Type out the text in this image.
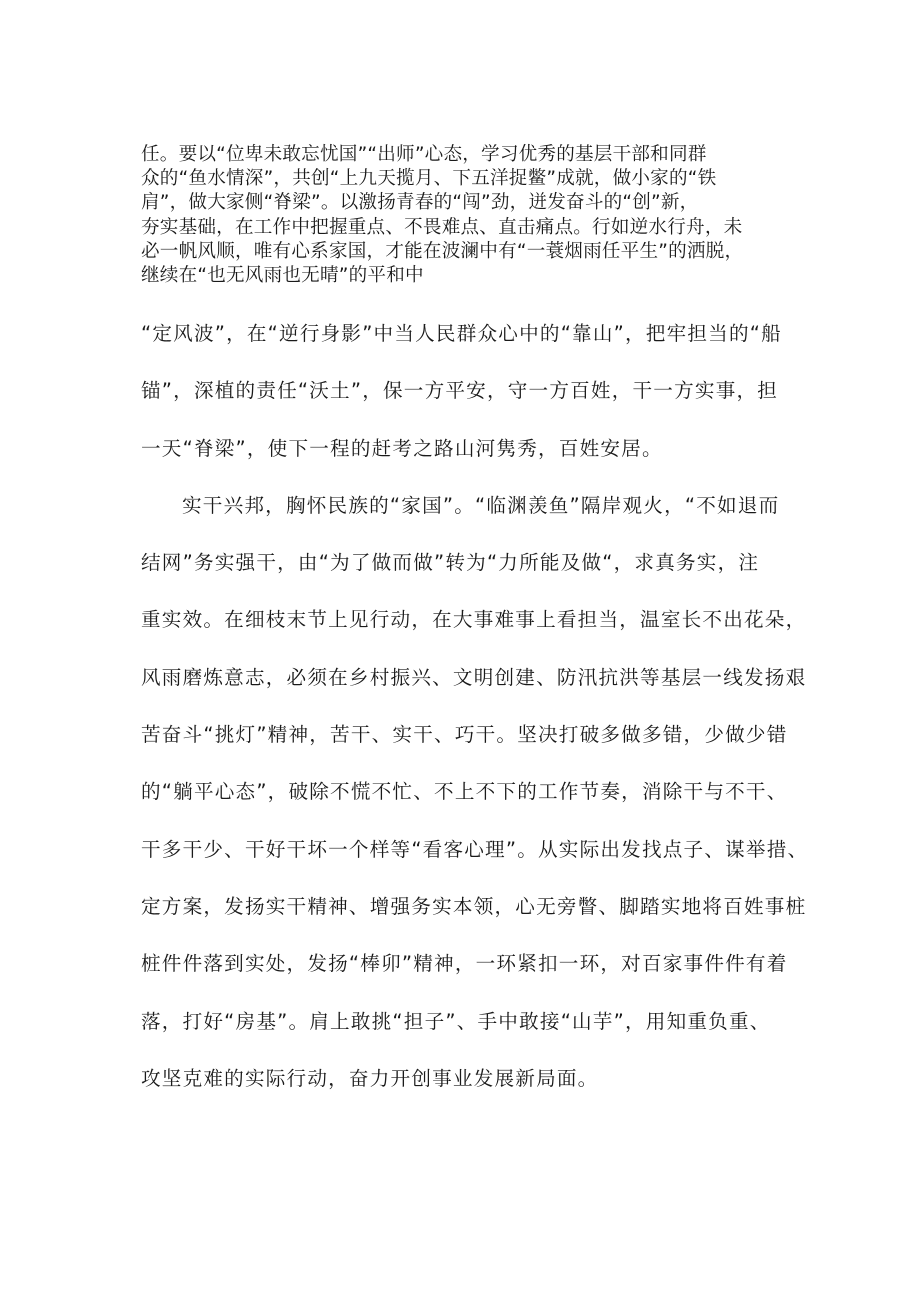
任。要以“位卑未敢忘忧国”“出师”心态，学习优秀的基层干部和同群
众的“鱼水情深”，共创“上九天揽月、下五洋捉鳖”成就，做小家的“铁
肩”，做大家侧“脊梁”。以激扬青春的“闯”劲，迸发奋斗的“创”新，
夯实基础，在工作中把握重点、不畏难点、直击痛点。行如逆水行舟，未
必一帆风顺，唯有心系家国，才能在波澜中有“一蓑烟雨任平生”的洒脱，
继续在“也无风雨也无晴”的平和中
“定风波”，在“逆行身影”中当人民群众心中的“靠山”，把牢担当的“船
锚”，深植的责任“沃土”，保一方平安，守一方百姓，干一方实事，担
一天“脊梁”，使下一程的赶考之路山河隽秀，百姓安居。
实干兴邦，胸怀民族的“家国”。“临渊羡鱼”隔岸观火，“不如退而
结网”务实强干，由“为了做而做”转为“力所能及做“，求真务实，注
重实效。在细枝末节上见行动，在大事难事上看担当，温室长不出花朵，
风雨磨炼意志，必须在乡村振兴、文明创建、防汛抗洪等基层一线发扬艰
苦奋斗“挑灯”精神，苦干、实干、巧干。坚决打破多做多错，少做少错
的“躺平心态”，破除不慌不忙、不上不下的工作节奏，消除干与不干、
干多干少、干好干坏一个样等“看客心理”。从实际出发找点子、谋举措、
定方案，发扬实干精神、增强务实本领，心无旁瞥、脚踏实地将百姓事桩
桩件件落到实处，发扬“棒卯”精神，一环紧扣一环，对百家事件件有着
落，打好“房基”。肩上敢挑“担子”、手中敢接“山芋”，用知重负重、
攻坚克难的实际行动，奋力开创事业发展新局面。
